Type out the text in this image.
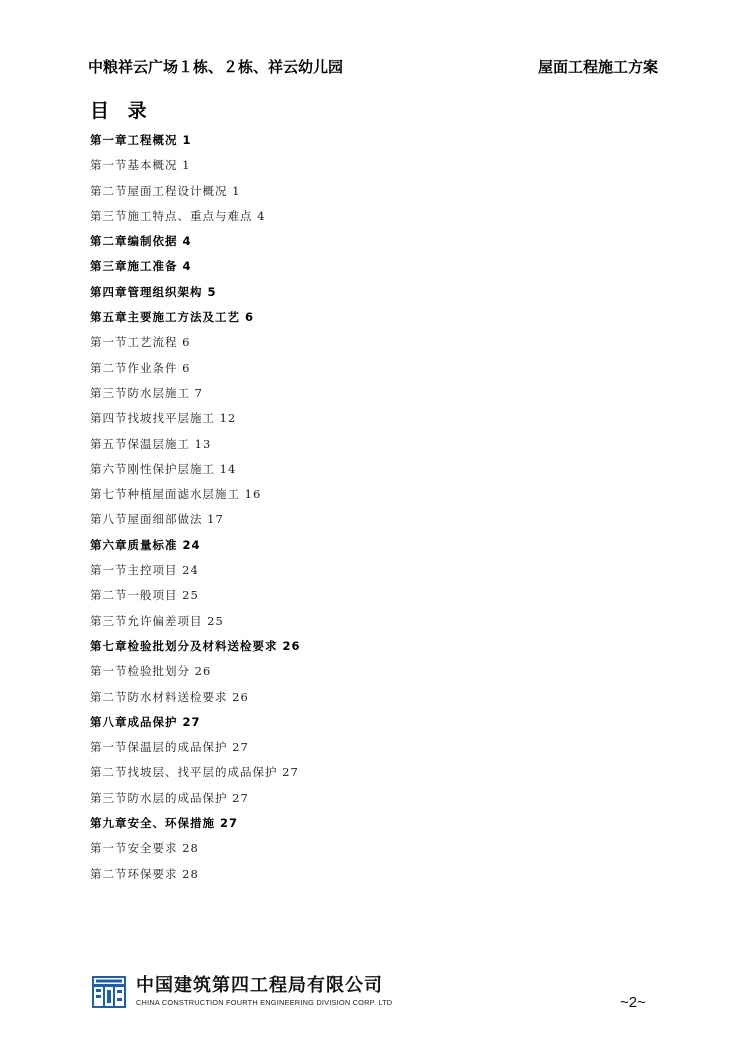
中粮祥云广场１栋、２栋、祥云幼儿园	屋面工程施工方案
目 录
第一章工程概况 1
第一节基本概况 1
第二节屋面工程设计概况 1
第三节施工特点、重点与难点 4
第二章编制依据 4
第三章施工准备 4
第四章管理组织架构 5
第五章主要施工方法及工艺 6
第一节工艺流程 6
第二节作业条件 6
第三节防水层施工 7
第四节找坡找平层施工 12
第五节保温层施工 13
第六节刚性保护层施工 14
第七节种植屋面滤水层施工 16
第八节屋面细部做法 17
第六章质量标准 24
第一节主控项目 24
第二节一般项目 25
第三节允许偏差项目 25
第七章检验批划分及材料送检要求 26
第一节检验批划分 26
第二节防水材料送检要求 26
第八章成品保护 27
第一节保温层的成品保护 27
第二节找坡层、找平层的成品保护 27
第三节防水层的成品保护 27
第九章安全、环保措施 27
第一节安全要求 28
第二节环保要求 28
中国建筑第四工程局有限公司
CHINA CONSTRUCTION FOURTH ENGINEERING DIVISION CORP. LTD	~2~
